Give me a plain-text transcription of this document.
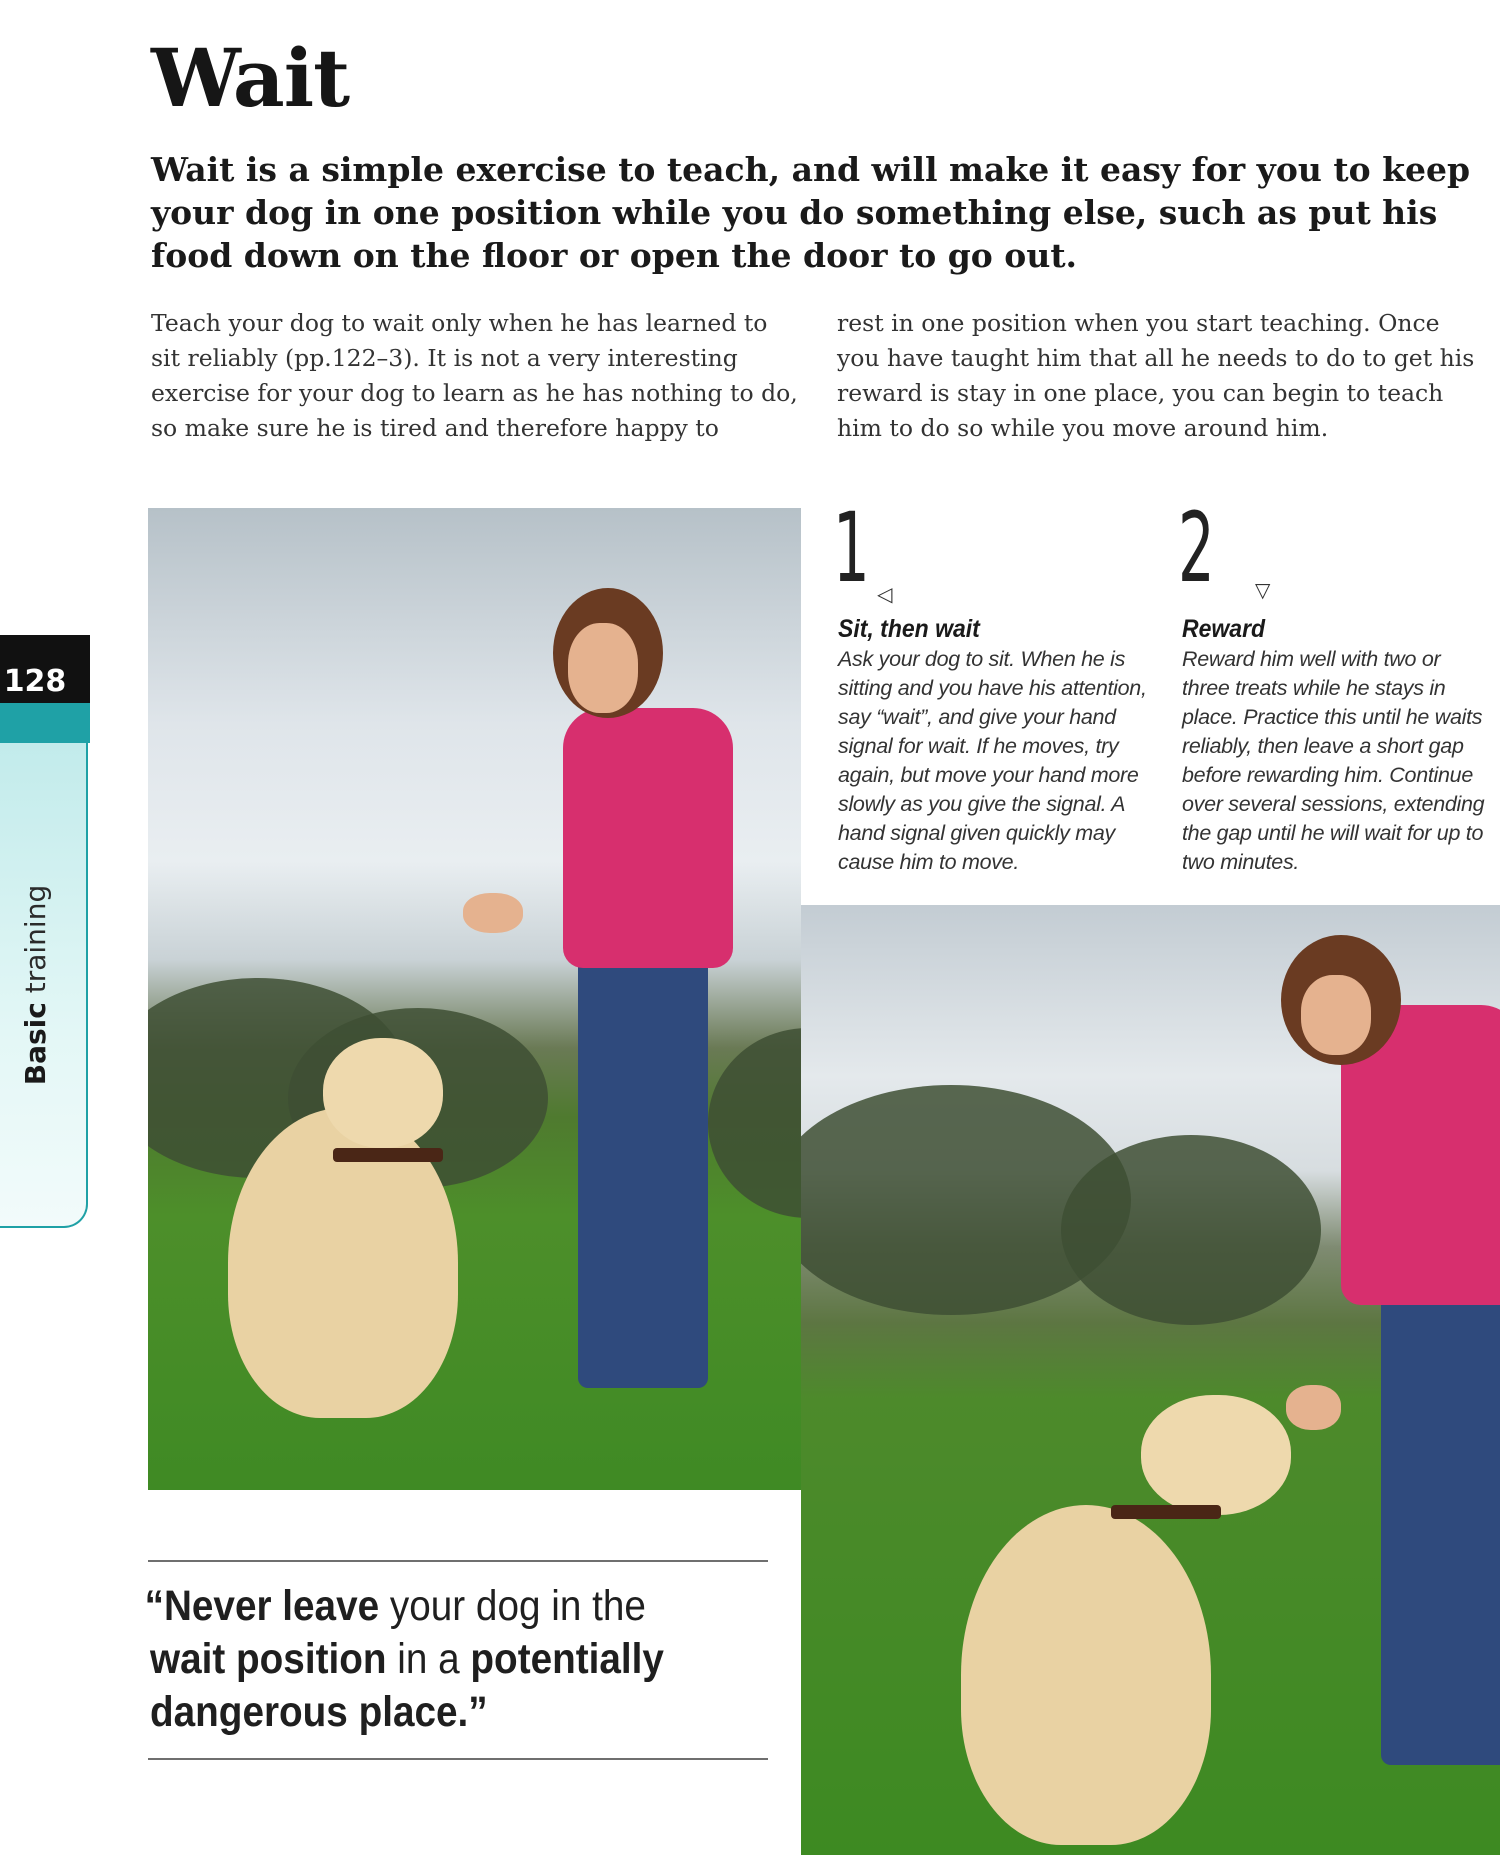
Wait

Wait is a simple exercise to teach, and will make it easy for you to keep your dog in one position while you do something else, such as put his food down on the floor or open the door to go out.

Teach your dog to wait only when he has learned to sit reliably (pp.122–3). It is not a very interesting exercise for your dog to learn as he has nothing to do, so make sure he is tired and therefore happy to

rest in one position when you start teaching. Once you have taught him that all he needs to do to get his reward is stay in one place, you can begin to teach him to do so while you move around him.

128
Basic training
1 ◁

Sit, then wait

Ask your dog to sit. When he is sitting and you have his attention, say “wait”, and give your hand signal for wait. If he moves, try again, but move your hand more slowly as you give the signal. A hand signal given quickly may cause him to move.

2 ▽

Reward

Reward him well with two or three treats while he stays in place. Practice this until he waits reliably, then leave a short gap before rewarding him. Continue over several sessions, extending the gap until he will wait for up to two minutes.

“Never leave your dog in the wait position in a potentially dangerous place.”
